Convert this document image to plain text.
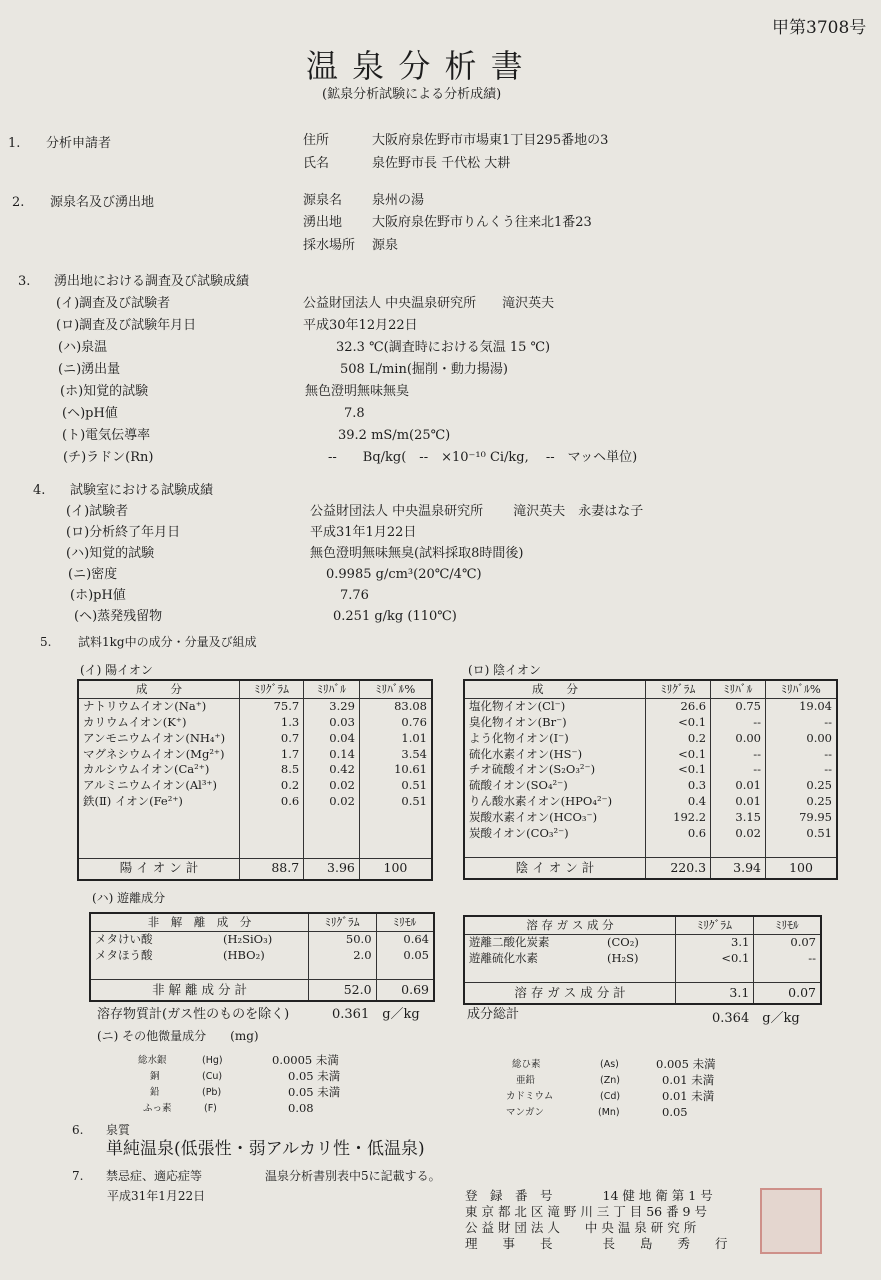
甲第3708号
温 泉 分 析 書
(鉱泉分析試験による分析成績)
1. 分析申請者	住所	大阪府泉佐野市市場東1丁目295番地の3
氏名	泉佐野市長 千代松 大耕
2. 源泉名及び湧出地	源泉名 泉州の湯
湧出地 大阪府泉佐野市りんくう往来北1番23
採水場所 源泉
3. 湧出地における調査及び試験成績
(イ)調査及び試験者	公益財団法人 中央温泉研究所　　滝沢英夫
(ロ)調査及び試験年月日	平成30年12月22日
(ハ)泉温	32.3 ℃(調査時における気温 15 ℃)
(ニ)湧出量	508 L/min(掘削・動力揚湯)
(ホ)知覚的試験	無色澄明無味無臭
(ヘ)pH値	7.8
(ト)電気伝導率	39.2 mS/m(25℃)
(チ)ラドン(Rn)	--　　Bq/kg(　--　×10⁻¹⁰ Ci/kg,　 --　マッヘ単位)
4. 試験室における試験成績
(イ)試験者	公益財団法人 中央温泉研究所　　 滝沢英夫　永妻はな子
(ロ)分析終了年月日	平成31年1月22日
(ハ)知覚的試験	無色澄明無味無臭(試料採取8時間後)
(ニ)密度	0.9985 g/cm³(20℃/4℃)
(ホ)pH値	7.76
(ヘ)蒸発残留物	0.251 g/kg (110℃)
5. 試料1kg中の成分・分量及び組成
(イ) 陽イオン
成　　分	ﾐﾘｸﾞﾗﾑ	ﾐﾘﾊﾞﾙ	ﾐﾘﾊﾞﾙ%
ナトリウムイオン(Na⁺)	75.7	3.29	83.08
カリウムイオン(K⁺)	1.3	0.03	0.76
アンモニウムイオン(NH₄⁺)	0.7	0.04	1.01
マグネシウムイオン(Mg²⁺)	1.7	0.14	3.54
カルシウムイオン(Ca²⁺)	8.5	0.42	10.61
アルミニウムイオン(Al³⁺)	0.2	0.02	0.51
鉄(Ⅱ) イオン(Fe²⁺)	0.6	0.02	0.51

陽 イ オ ン 計	88.7	3.96	100
(ロ) 陰イオン
成　　分	ﾐﾘｸﾞﾗﾑ	ﾐﾘﾊﾞﾙ	ﾐﾘﾊﾞﾙ%
塩化物イオン(Cl⁻)	26.6	0.75	19.04
臭化物イオン(Br⁻)	<0.1	--	--
よう化物イオン(I⁻)	0.2	0.00	0.00
硫化水素イオン(HS⁻)	<0.1	--	--
チオ硫酸イオン(S₂O₃²⁻)	<0.1	--	--
硫酸イオン(SO₄²⁻)	0.3	0.01	0.25
りん酸水素イオン(HPO₄²⁻)	0.4	0.01	0.25
炭酸水素イオン(HCO₃⁻)	192.2	3.15	79.95
炭酸イオン(CO₃²⁻)	0.6	0.02	0.51

陰 イ オ ン 計	220.3	3.94	100
(ハ) 遊離成分
非　解　離　成　分		ﾐﾘｸﾞﾗﾑ	ﾐﾘﾓﾙ
メタけい酸	(H₂SiO₃)	50.0	0.64
メタほう酸	(HBO₂)	2.0	0.05

非 解 離 成 分 計		52.0	0.69
溶 存 ガ ス 成 分		ﾐﾘｸﾞﾗﾑ	ﾐﾘﾓﾙ
遊離二酸化炭素	(CO₂)	3.1	0.07
遊離硫化水素	(H₂S)	<0.1	--

溶 存 ガ ス 成 分 計		3.1	0.07
溶存物質計(ガス性のものを除く)	0.361　g／kg	成分総計	0.364　g／kg
(ニ) その他微量成分　　(mg)
総水銀	(Hg)	0.0005 未満
銅	(Cu)	0.05 未満
鉛	(Pb)	0.05 未満
ふっ素	(F)	0.08
総ひ素	(As)	0.005 未満
亜鉛	(Zn)	0.01 未満
カドミウム	(Cd)	0.01 未満
マンガン	(Mn)	0.05
6. 泉質
単純温泉(低張性・弱アルカリ性・低温泉)
7. 禁忌症、適応症等	温泉分析書別表中5に記載する。
平成31年1月22日	登　録　番　号　　　　14 健 地 衛 第 1 号
東 京 都 北 区 滝 野 川 三 丁 目 56 番 9 号
公 益 財 団 法 人　　中 央 温 泉 研 究 所
理　　事　　長　　　　長　　島　　秀　　行
